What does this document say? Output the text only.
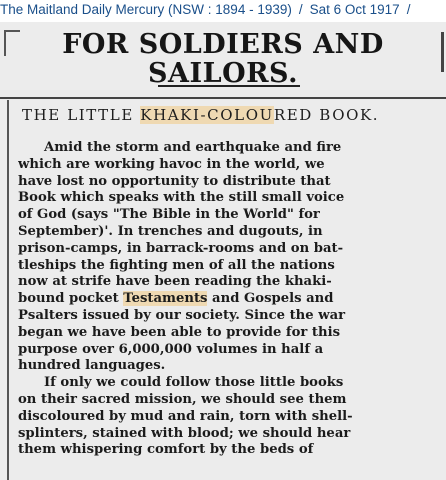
The Maitland Daily Mercury (NSW : 1894 - 1939) / Sat 6 Oct 1917 /
FOR SOLDIERS AND
SAILORS.
THE LITTLE KHAKI-COLOURED BOOK.
Amid the storm and earthquake and fire
which are working havoc in the world, we
have lost no opportunity to distribute that
Book which speaks with the still small voice
of God (says "The Bible in the World" for
September)'. In trenches and dugouts, in
prison-camps, in barrack-rooms and on bat-
tleships the fighting men of all the nations
now at strife have been reading the khaki-
bound pocket Testaments and Gospels and
Psalters issued by our society. Since the war
began we have been able to provide for this
purpose over 6,000,000 volumes in half a
hundred languages.
If only we could follow those little books
on their sacred mission, we should see them
discoloured by mud and rain, torn with shell-
splinters, stained with blood; we should hear
them whispering comfort by the beds of
